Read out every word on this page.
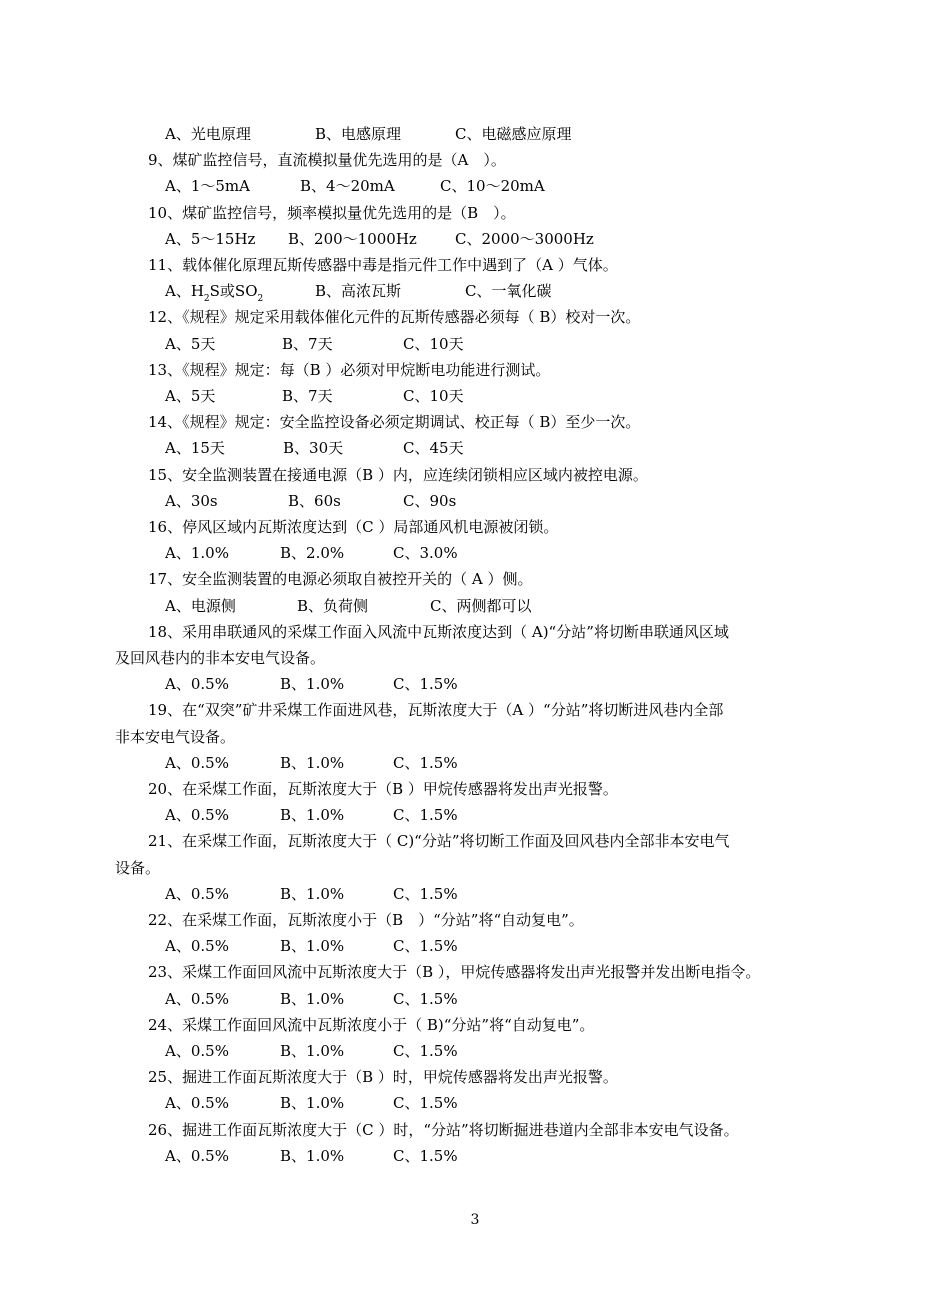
A、光电原理	B、电感原理	C、电磁感应原理
9、煤矿监控信号，直流模拟量优先选用的是（A　）。
A、1～5mA	B、4～20mA	C、10～20mA
10、煤矿监控信号，频率模拟量优先选用的是（B　）。
A、5～15Hz B、200～1000Hz	C、2000～3000Hz
11、载体催化原理瓦斯传感器中毒是指元件工作中遇到了（A ）气体。
A、$H_2S$或$SO_2$	B、高浓瓦斯	C、一氧化碳
12、《规程》规定采用载体催化元件的瓦斯传感器必须每（ B）校对一次。
A、5天	B、7天	C、10天
13、《规程》规定：每（B ）必须对甲烷断电功能进行测试。
A、5天	B、7天	C、10天
14、《规程》规定：安全监控设备必须定期调试、校正每（ B）至少一次。
A、15天	B、30天	C、45天
15、安全监测装置在接通电源（B ）内，应连续闭锁相应区域内被控电源。
A、30s	B、60s	C、90s
16、停风区域内瓦斯浓度达到（C ）局部通风机电源被闭锁。
A、1.0%	B、2.0%	C、3.0%
17、安全监测装置的电源必须取自被控开关的（ A ）侧。
A、电源侧	B、负荷侧	C、两侧都可以
18、采用串联通风的采煤工作面入风流中瓦斯浓度达到（ A)“分站”将切断串联通风区域
及回风巷内的非本安电气设备。
A、0.5%	B、1.0%	C、1.5%
19、在“双突”矿井采煤工作面进风巷，瓦斯浓度大于（A ）“分站”将切断进风巷内全部
非本安电气设备。
A、0.5%	B、1.0%	C、1.5%
20、在采煤工作面，瓦斯浓度大于（B ）甲烷传感器将发出声光报警。
A、0.5%	B、1.0%	C、1.5%
21、在采煤工作面，瓦斯浓度大于（ C)“分站”将切断工作面及回风巷内全部非本安电气
设备。
A、0.5%	B、1.0%	C、1.5%
22、在采煤工作面，瓦斯浓度小于（B　）“分站”将“自动复电”。
A、0.5%	B、1.0%	C、1.5%
23、采煤工作面回风流中瓦斯浓度大于（B ），甲烷传感器将发出声光报警并发出断电指令。
A、0.5%	B、1.0%	C、1.5%
24、采煤工作面回风流中瓦斯浓度小于（ B)“分站”将“自动复电”。
A、0.5%	B、1.0%	C、1.5%
25、掘进工作面瓦斯浓度大于（B ）时，甲烷传感器将发出声光报警。
A、0.5%	B、1.0%	C、1.5%
26、掘进工作面瓦斯浓度大于（C ）时，“分站”将切断掘进巷道内全部非本安电气设备。
A、0.5%	B、1.0%	C、1.5%
3
